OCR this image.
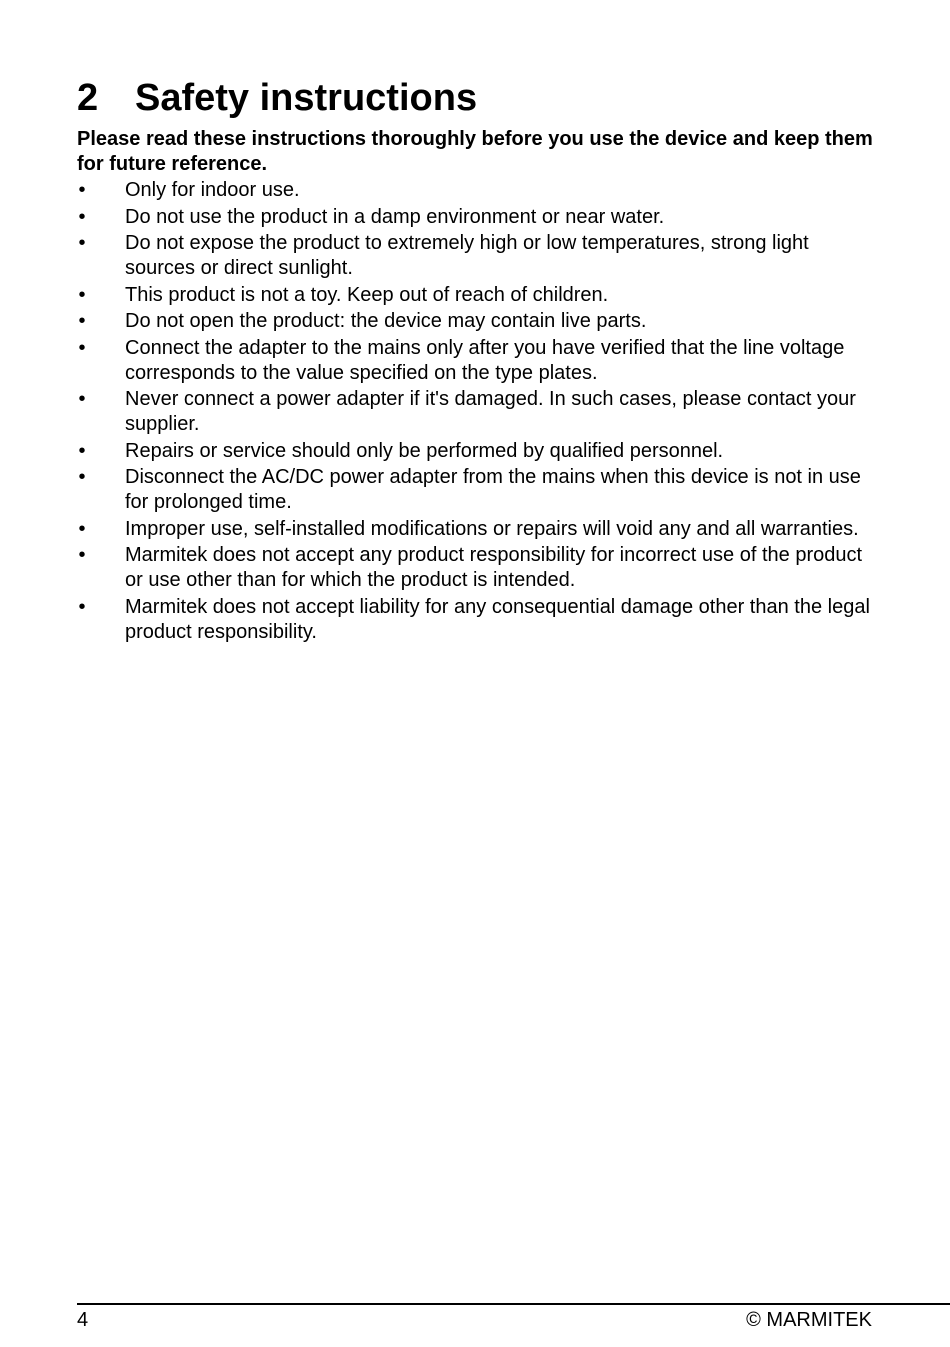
2 Safety instructions

Please read these instructions thoroughly before you use the device and keep them for future reference.

• Only for indoor use.
• Do not use the product in a damp environment or near water.
• Do not expose the product to extremely high or low temperatures, strong light sources or direct sunlight.
• This product is not a toy. Keep out of reach of children.
• Do not open the product: the device may contain live parts.
• Connect the adapter to the mains only after you have verified that the line voltage corresponds to the value specified on the type plates.
• Never connect a power adapter if it's damaged. In such cases, please contact your supplier.
• Repairs or service should only be performed by qualified personnel.
• Disconnect the AC/DC power adapter from the mains when this device is not in use for prolonged time.
• Improper use, self-installed modifications or repairs will void any and all warranties.
• Marmitek does not accept any product responsibility for incorrect use of the product or use other than for which the product is intended.
• Marmitek does not accept liability for any consequential damage other than the legal product responsibility.
4	© MARMITEK
